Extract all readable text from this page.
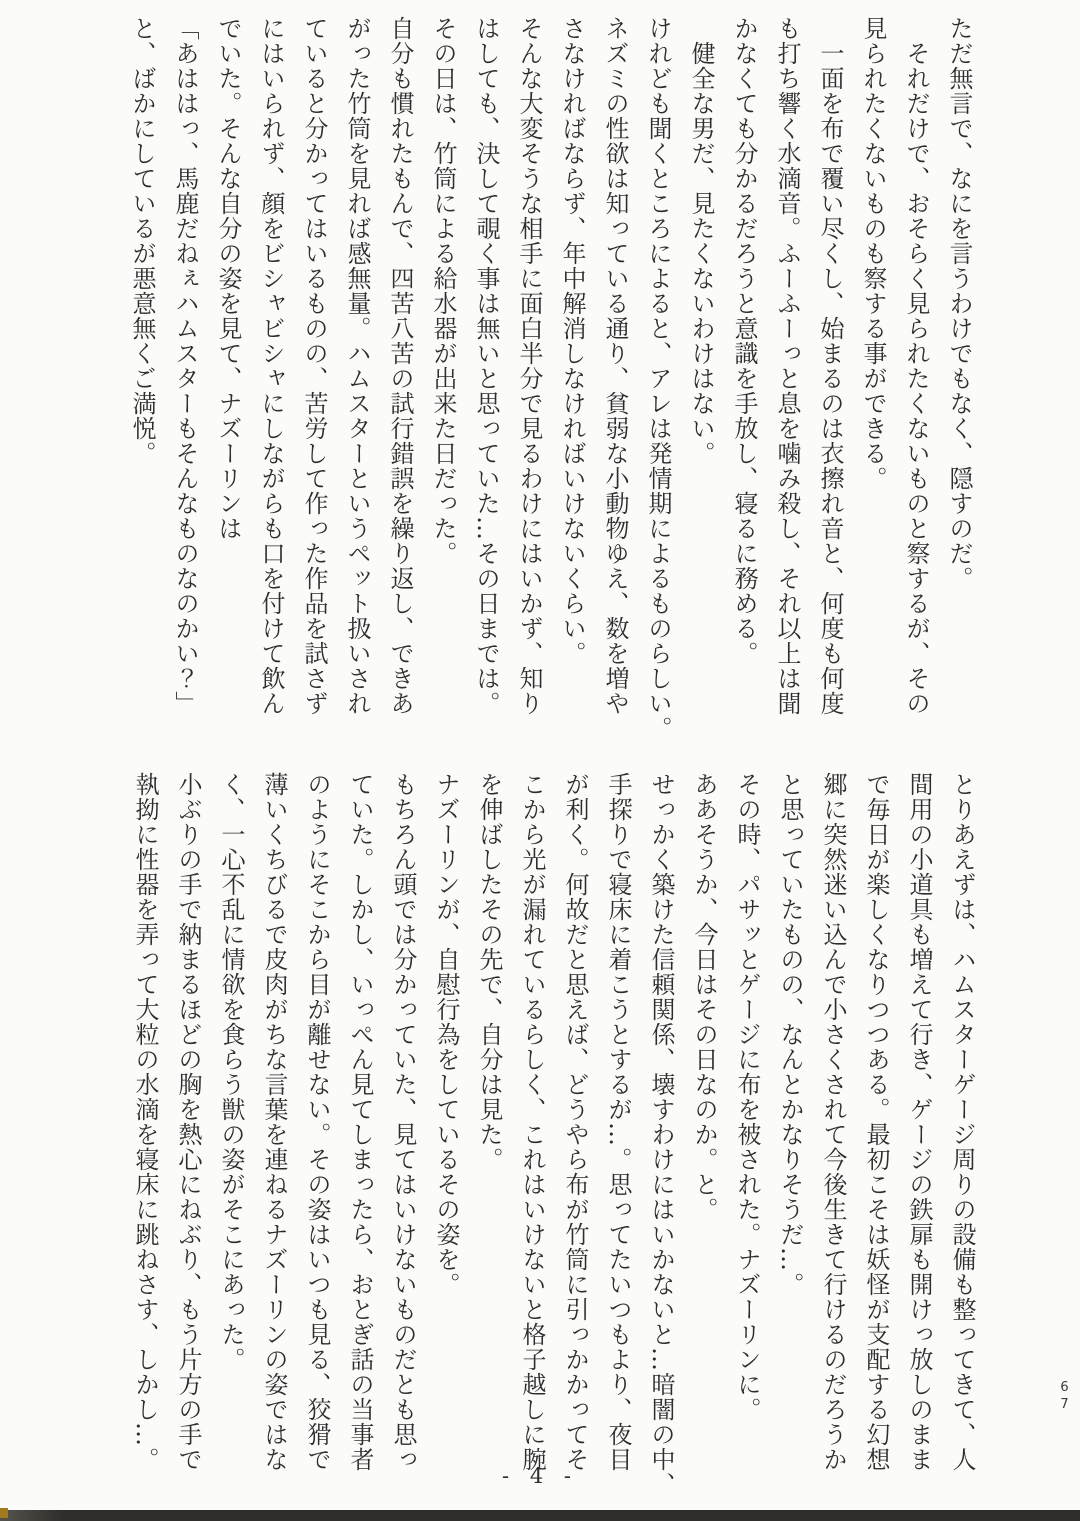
ただ無言で、なにを言うわけでもなく、隠すのだ。
　それだけで、おそらく見られたくないものと察するが、その
見られたくないものも察する事ができる。
　一面を布で覆い尽くし、始まるのは衣擦れ音と、何度も何度
も打ち響く水滴音。ふーふーっと息を噛み殺し、それ以上は聞
かなくても分かるだろうと意識を手放し、寝るに務める。
　健全な男だ、見たくないわけはない。
けれども聞くところによると、アレは発情期によるものらしい。
ネズミの性欲は知っている通り、貧弱な小動物ゆえ、数を増や
さなければならず、年中解消しなければいけないくらい。
そんな大変そうな相手に面白半分で見るわけにはいかず、知り
はしても、決して覗く事は無いと思っていた…その日までは。
その日は、竹筒による給水器が出来た日だった。
自分も慣れたもんで、四苦八苦の試行錯誤を繰り返し、できあ
がった竹筒を見れば感無量。ハムスターというペット扱いされ
ていると分かってはいるものの、苦労して作った作品を試さず
にはいられず、顔をビシャビシャにしながらも口を付けて飲ん
でいた。そんな自分の姿を見て、ナズーリンは
「あははっ、馬鹿だねぇハムスターもそんなものなのかい？」
と、ばかにしているが悪意無くご満悦。
とりあえずは、ハムスターゲージ周りの設備も整ってきて、人
間用の小道具も増えて行き、ゲージの鉄扉も開けっ放しのまま
で毎日が楽しくなりつつある。最初こそは妖怪が支配する幻想
郷に突然迷い込んで小さくされて今後生きて行けるのだろうか
と思っていたものの、なんとかなりそうだ…。
その時、パサッとゲージに布を被された。ナズーリンに。
ああそうか、今日はその日なのか。と。
せっかく築けた信頼関係、壊すわけにはいかないと…暗闇の中、
手探りで寝床に着こうとするが…。思ってたいつもより、夜目
が利く。何故だと思えば、どうやら布が竹筒に引っかかってそ
こから光が漏れているらしく、これはいけないと格子越しに腕
を伸ばしたその先で、自分は見た。
ナズーリンが、自慰行為をしているその姿を。
もちろん頭では分かっていた、見てはいけないものだとも思っ
ていた。しかし、いっぺん見てしまったら、おとぎ話の当事者
のようにそこから目が離せない。その姿はいつも見る、狡猾で
薄いくちびるで皮肉がちな言葉を連ねるナズーリンの姿ではな
く、一心不乱に情欲を食らう獣の姿がそこにあった。
小ぶりの手で納まるほどの胸を熱心にねぶり、もう片方の手で
執拗に性器を弄って大粒の水滴を寝床に跳ねさす、しかし…。	67
- 4 -
